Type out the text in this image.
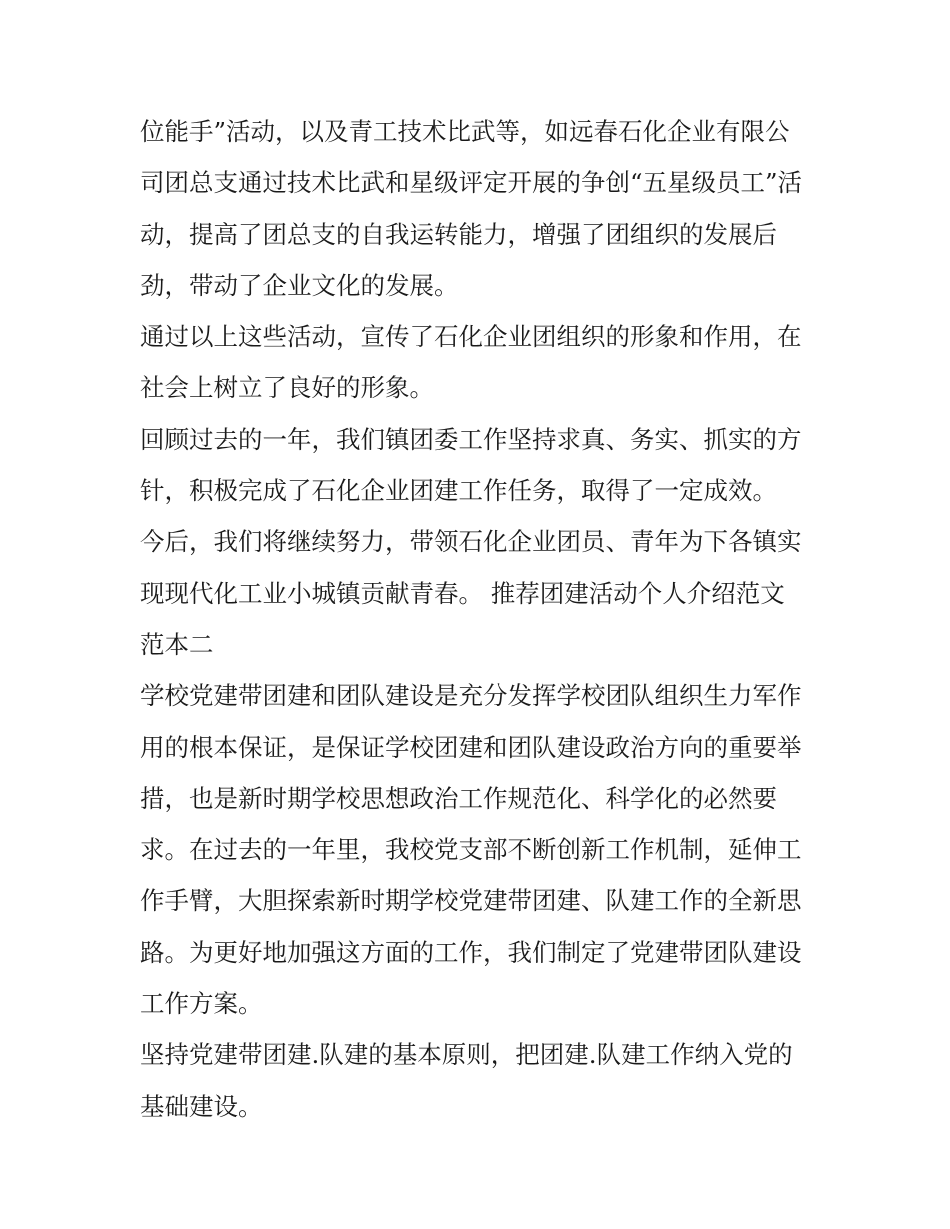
位能手”活动，以及青工技术比武等，如远春石化企业有限公
司团总支通过技术比武和星级评定开展的争创“五星级员工”活
动，提高了团总支的自我运转能力，增强了团组织的发展后
劲，带动了企业文化的发展。

通过以上这些活动，宣传了石化企业团组织的形象和作用，在
社会上树立了良好的形象。

回顾过去的一年，我们镇团委工作坚持求真、务实、抓实的方
针，积极完成了石化企业团建工作任务，取得了一定成效。

今后，我们将继续努力，带领石化企业团员、青年为下各镇实
现现代化工业小城镇贡献青春。 推荐团建活动个人介绍范文
范本二

学校党建带团建和团队建设是充分发挥学校团队组织生力军作
用的根本保证，是保证学校团建和团队建设政治方向的重要举
措，也是新时期学校思想政治工作规范化、科学化的必然要
求。在过去的一年里，我校党支部不断创新工作机制，延伸工
作手臂，大胆探索新时期学校党建带团建、队建工作的全新思
路。为更好地加强这方面的工作，我们制定了党建带团队建设
工作方案。

坚持党建带团建.队建的基本原则，把团建.队建工作纳入党的
基础建设。
